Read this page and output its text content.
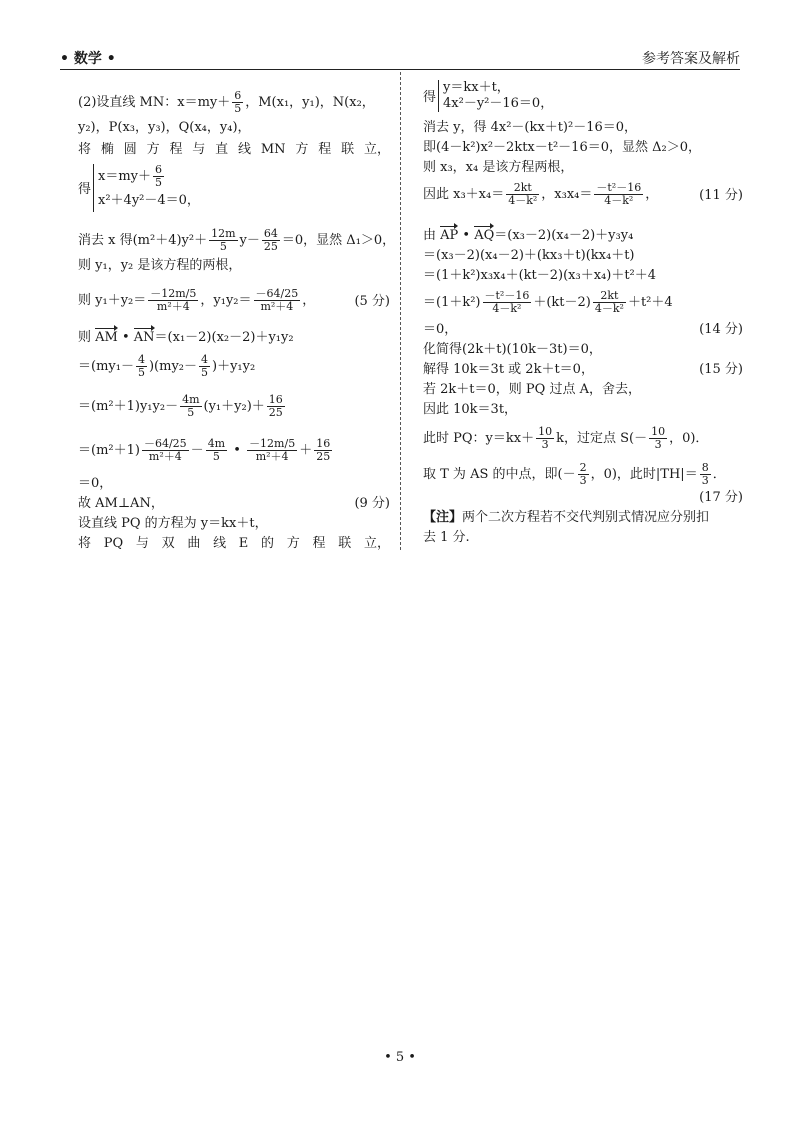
• 数学 •	参考答案及解析
(2)设直线 MN：$x=my+ \frac{6}{5}$ ，M(x₁，y₁)，N(x₂，
y₂)，P(x₃，y₃)，Q(x₄，y₄)，
将 椭 圆 方 程 与 直 线 MN 方 程 联 立，
得
$x=my+ \frac{6}{5}$
x²＋4y²－4＝0，
消去 x 得$(m^2+4)y^2+ \frac{12m}{5} y- \frac{64}{25} =0$，显然 Δ₁＞0，
则 y₁，y₂ 是该方程的两根，
则 $y_1+y_2= \frac{-12m/5}{\text{m²＋4}}$ ，$y_1y_2= \frac{-64/25}{\text{m²＋4}}$ ，	(5 分)
则 AM • AN＝(x₁－2)(x₂－2)＋y₁y₂
$=(my_1- \frac{4}{5} )(my_2- \frac{4}{5} )+y_1y_2$
$=(m^2+1)y_1y_2- \frac{4m}{5} (y_1+y_2)+ \frac{16}{25}$
$=(m^2+1) \frac{-64/25}{\text{m²＋4}} - \frac{4m}{5}$ • $\frac{-12m/5}{\text{m²＋4}} + \frac{16}{25}$
＝0，
故 AM⊥AN，	(9 分)
设直线 PQ 的方程为 y＝kx＋t，
将 PQ 与 双 曲 线 E 的 方 程 联 立，
得
y＝kx＋t，
4x²－y²－16＝0，
消去 y，得 4x²－(kx＋t)²－16＝0，
即(4－k²)x²－2ktx－t²－16＝0，显然 Δ₂＞0，
则 x₃，x₄ 是该方程两根，
因此 $x_3+x_4= \frac{2kt}{\text{4－k²}}$ ，$x_3x_4= \frac{\text{－t²－16}}{\text{4－k²}}$ ，	(11 分)
由 AP • AQ＝(x₃－2)(x₄－2)＋y₃y₄
＝(x₃－2)(x₄－2)＋(kx₃＋t)(kx₄＋t)
＝(1＋k²)x₃x₄＋(kt－2)(x₃＋x₄)＋t²＋4
$=(1+k^2) \frac{\text{－t²－16}}{\text{4－k²}} +(kt-2) \frac{2kt}{\text{4－k²}} +t^2+4$
＝0，	(14 分)
化简得(2k＋t)(10k－3t)＝0，
解得 10k＝3t 或 2k＋t＝0，	(15 分)
若 2k＋t＝0，则 PQ 过点 A，舍去，
因此 10k＝3t，
此时 PQ：$y=kx+ \frac{10}{3}$ k，过定点 $S(- \frac{10}{3}$ ，0)．
取 T 为 AS 的中点，即(－ $\frac{2}{3}$ ，0)，此时$|TH|= \frac{8}{3}$ ．
(17 分)
【注】两个二次方程若不交代判别式情况应分别扣
去 1 分.
• 5 •
